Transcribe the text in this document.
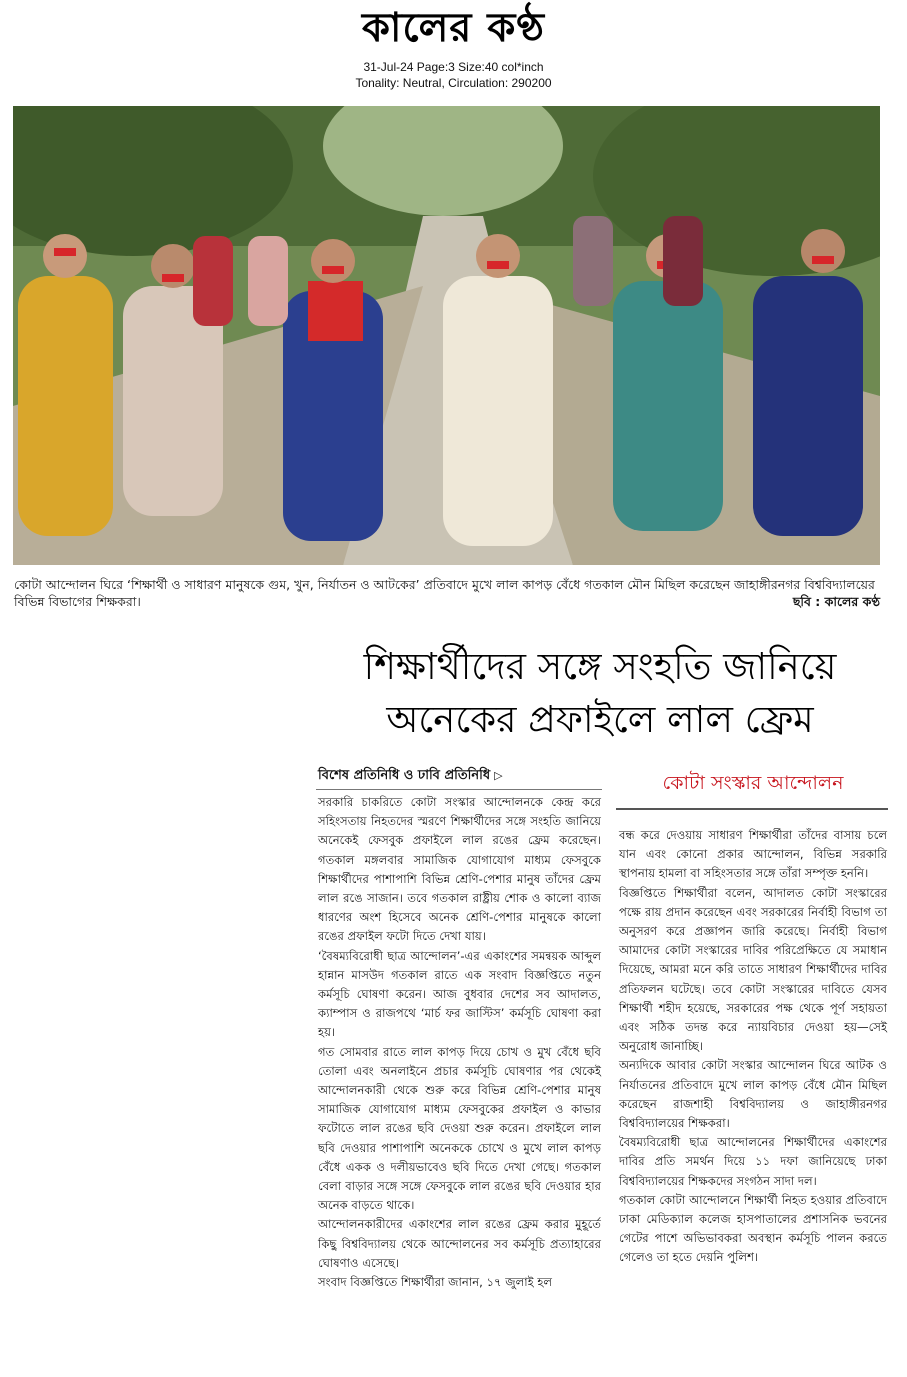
কালের কণ্ঠ
31-Jul-24 Page:3 Size:40 col*inch
Tonality: Neutral, Circulation: 290200
কোটা আন্দোলন ঘিরে ‘শিক্ষার্থী ও সাধারণ মানুষকে গুম, খুন, নির্যাতন ও আটকের’ প্রতিবাদে মুখে লাল কাপড় বেঁধে গতকাল মৌন মিছিল করেছেন জাহাঙ্গীরনগর বিশ্ববিদ্যালয়ের বিভিন্ন বিভাগের শিক্ষকরা।	ছবি : কালের কণ্ঠ
শিক্ষার্থীদের সঙ্গে সংহতি জানিয়ে
অনেকের প্রফাইলে লাল ফ্রেম
বিশেষ প্রতিনিধি ও ঢাবি প্রতিনিধি ▷	কোটা সংস্কার আন্দোলন

সরকারি চাকরিতে কোটা সংস্কার আন্দোলনকে কেন্দ্র করে সহিংসতায় নিহতদের স্মরণে শিক্ষার্থীদের সঙ্গে সংহতি জানিয়ে অনেকেই ফেসবুক প্রফাইলে লাল রঙের ফ্রেম করেছেন। গতকাল মঙ্গলবার সামাজিক যোগাযোগ মাধ্যম ফেসবুকে শিক্ষার্থীদের পাশাপাশি বিভিন্ন শ্রেণি-পেশার মানুষ তাঁদের ফ্রেম লাল রঙে সাজান। তবে গতকাল রাষ্ট্রীয় শোক ও কালো ব্যাজ ধারণের অংশ হিসেবে অনেক শ্রেণি-পেশার মানুষকে কালো রঙের প্রফাইল ফটো দিতে দেখা যায়।

‘বৈষম্যবিরোধী ছাত্র আন্দোলন’-এর একাংশের সমন্বয়ক আব্দুল হান্নান মাসউদ গতকাল রাতে এক সংবাদ বিজ্ঞপ্তিতে নতুন কর্মসূচি ঘোষণা করেন। আজ বুধবার দেশের সব আদালত, ক্যাম্পাস ও রাজপথে ‘মার্চ ফর জাস্টিস’ কর্মসূচি ঘোষণা করা হয়।

গত সোমবার রাতে লাল কাপড় দিয়ে চোখ ও মুখ বেঁধে ছবি তোলা এবং অনলাইনে প্রচার কর্মসূচি ঘোষণার পর থেকেই আন্দোলনকারী থেকে শুরু করে বিভিন্ন শ্রেণি-পেশার মানুষ সামাজিক যোগাযোগ মাধ্যম ফেসবুকের প্রফাইল ও কাভার ফটোতে লাল রঙের ছবি দেওয়া শুরু করেন। প্রফাইলে লাল ছবি দেওয়ার পাশাপাশি অনেককে চোখে ও মুখে লাল কাপড় বেঁধে একক ও দলীয়ভাবেও ছবি দিতে দেখা গেছে। গতকাল বেলা বাড়ার সঙ্গে সঙ্গে ফেসবুকে লাল রঙের ছবি দেওয়ার হার অনেক বাড়তে থাকে।

আন্দোলনকারীদের একাংশের লাল রঙের ফ্রেম করার মুহূর্তে কিছু বিশ্ববিদ্যালয় থেকে আন্দোলনের সব কর্মসূচি প্রত্যাহারের ঘোষণাও এসেছে।

সংবাদ বিজ্ঞপ্তিতে শিক্ষার্থীরা জানান, ১৭ জুলাই হল

বন্ধ করে দেওয়ায় সাধারণ শিক্ষার্থীরা তাঁদের বাসায় চলে যান এবং কোনো প্রকার আন্দোলন, বিভিন্ন সরকারি স্থাপনায় হামলা বা সহিংসতার সঙ্গে তাঁরা সম্পৃক্ত হননি।

বিজ্ঞপ্তিতে শিক্ষার্থীরা বলেন, আদালত কোটা সংস্কারের পক্ষে রায় প্রদান করেছেন এবং সরকারের নির্বাহী বিভাগ তা অনুসরণ করে প্রজ্ঞাপন জারি করেছে। নির্বাহী বিভাগ আমাদের কোটা সংস্কারের দাবির পরিপ্রেক্ষিতে যে সমাধান দিয়েছে, আমরা মনে করি তাতে সাধারণ শিক্ষার্থীদের দাবির প্রতিফলন ঘটেছে। তবে কোটা সংস্কারের দাবিতে যেসব শিক্ষার্থী শহীদ হয়েছে, সরকারের পক্ষ থেকে পূর্ণ সহায়তা এবং সঠিক তদন্ত করে ন্যায়বিচার দেওয়া হয়—সেই অনুরোধ জানাচ্ছি।

অন্যদিকে আবার কোটা সংস্কার আন্দোলন ঘিরে আটক ও নির্যাতনের প্রতিবাদে মুখে লাল কাপড় বেঁধে মৌন মিছিল করেছেন রাজশাহী বিশ্ববিদ্যালয় ও জাহাঙ্গীরনগর বিশ্ববিদ্যালয়ের শিক্ষকরা।

বৈষম্যবিরোধী ছাত্র আন্দোলনের শিক্ষার্থীদের একাংশের দাবির প্রতি সমর্থন দিয়ে ১১ দফা জানিয়েছে ঢাকা বিশ্ববিদ্যালয়ের শিক্ষকদের সংগঠন সাদা দল।

গতকাল কোটা আন্দোলনে শিক্ষার্থী নিহত হওয়ার প্রতিবাদে ঢাকা মেডিক্যাল কলেজ হাসপাতালের প্রশাসনিক ভবনের গেটের পাশে অভিভাবকরা অবস্থান কর্মসূচি পালন করতে গেলেও তা হতে দেয়নি পুলিশ।
